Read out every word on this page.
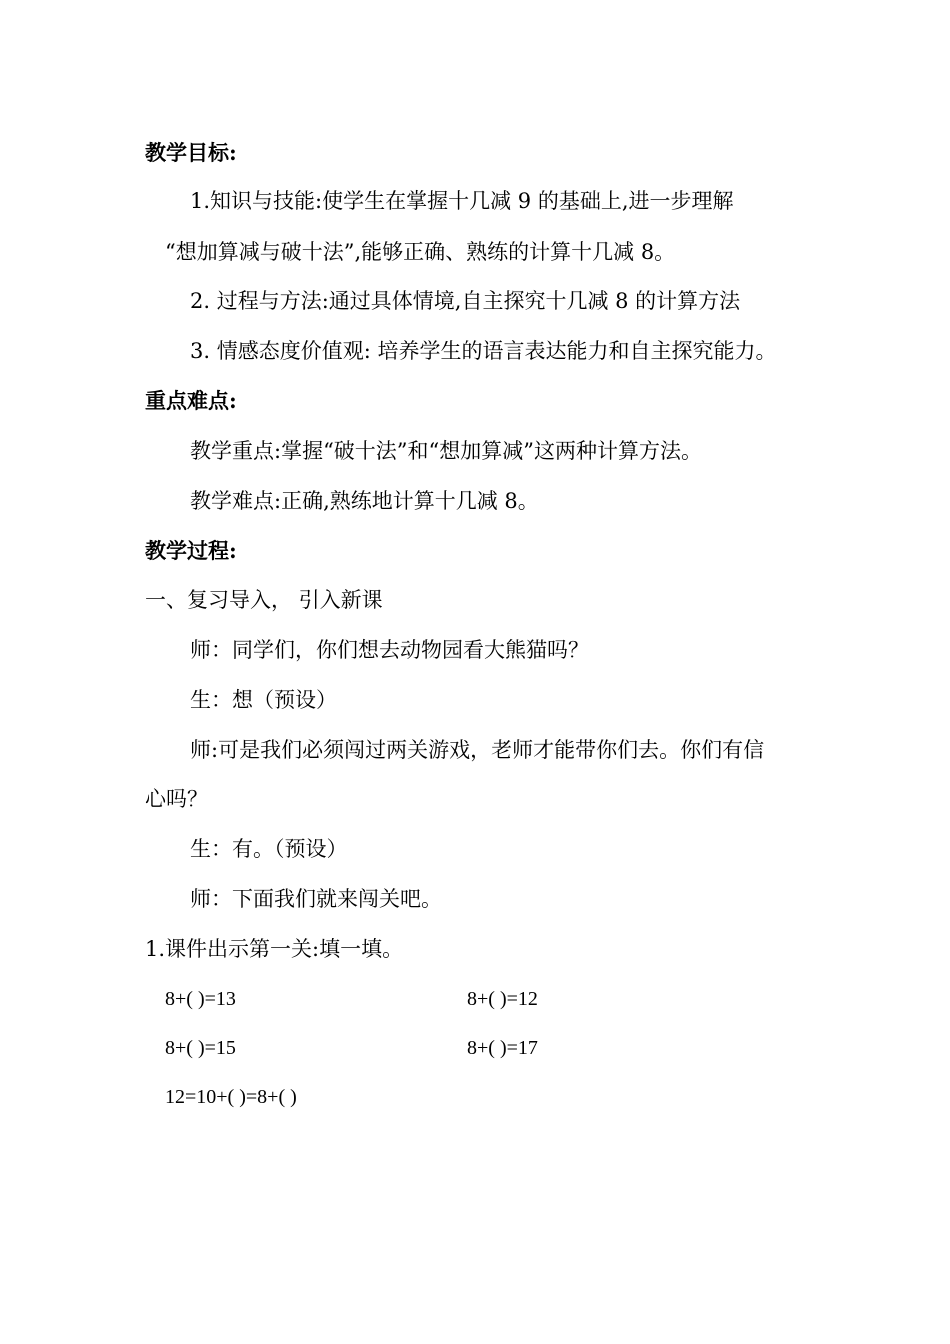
教学目标:
1.知识与技能:使学生在掌握十几减 9 的基础上,进一步理解
“想加算减与破十法”,能够正确、熟练的计算十几减 8。
2. 过程与方法:通过具体情境,自主探究十几减 8 的计算方法
3. 情感态度价值观: 培养学生的语言表达能力和自主探究能力。
重点难点:
教学重点:掌握“破十法”和“想加算减”这两种计算方法。
教学难点:正确,熟练地计算十几减 8。
教学过程:
一、复习导入， 引入新课
师：同学们，你们想去动物园看大熊猫吗？
生：想（预设）
师:可是我们必须闯过两关游戏，老师才能带你们去。你们有信
心吗？
生：有。（预设）
师：下面我们就来闯关吧。
1.课件出示第一关:填一填。
8+( )=13	8+( )=12
8+( )=15	8+( )=17
12=10+( )=8+( )
